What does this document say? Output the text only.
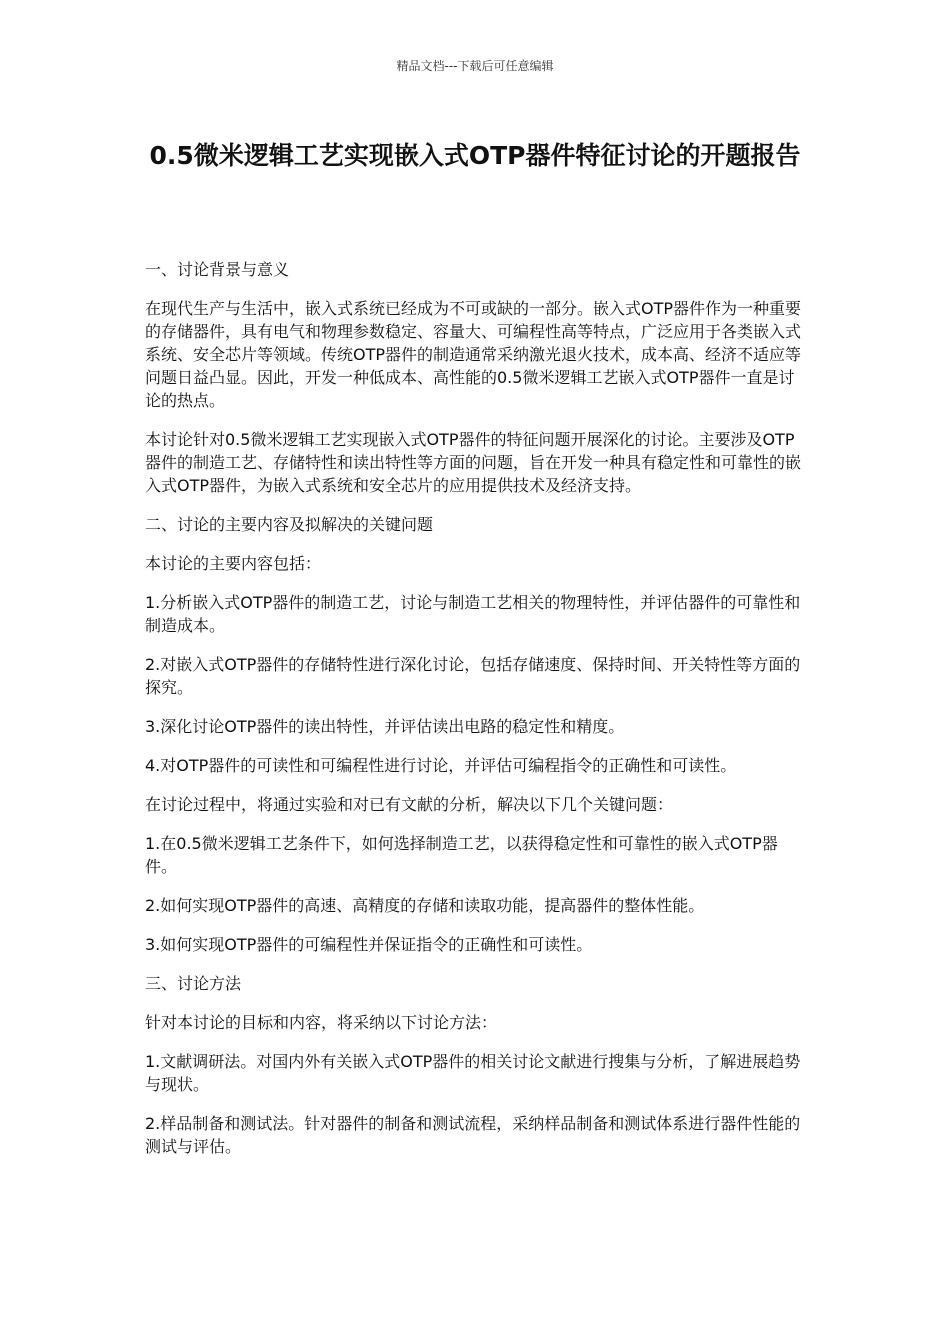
精品文档---下载后可任意编辑
0.5微米逻辑工艺实现嵌入式OTP器件特征讨论的开题报告

一、讨论背景与意义

在现代生产与生活中，嵌入式系统已经成为不可或缺的一部分。嵌入式OTP器件作为一种重要的存储器件，具有电气和物理参数稳定、容量大、可编程性高等特点，广泛应用于各类嵌入式系统、安全芯片等领域。传统OTP器件的制造通常采纳激光退火技术，成本高、经济不适应等问题日益凸显。因此，开发一种低成本、高性能的0.5微米逻辑工艺嵌入式OTP器件一直是讨论的热点。

本讨论针对0.5微米逻辑工艺实现嵌入式OTP器件的特征问题开展深化的讨论。主要涉及OTP器件的制造工艺、存储特性和读出特性等方面的问题，旨在开发一种具有稳定性和可靠性的嵌入式OTP器件，为嵌入式系统和安全芯片的应用提供技术及经济支持。

二、讨论的主要内容及拟解决的关键问题

本讨论的主要内容包括：

1.分析嵌入式OTP器件的制造工艺，讨论与制造工艺相关的物理特性，并评估器件的可靠性和制造成本。

2.对嵌入式OTP器件的存储特性进行深化讨论，包括存储速度、保持时间、开关特性等方面的探究。

3.深化讨论OTP器件的读出特性，并评估读出电路的稳定性和精度。

4.对OTP器件的可读性和可编程性进行讨论，并评估可编程指令的正确性和可读性。

在讨论过程中，将通过实验和对已有文献的分析，解决以下几个关键问题：

1.在0.5微米逻辑工艺条件下，如何选择制造工艺，以获得稳定性和可靠性的嵌入式OTP器件。

2.如何实现OTP器件的高速、高精度的存储和读取功能，提高器件的整体性能。

3.如何实现OTP器件的可编程性并保证指令的正确性和可读性。

三、讨论方法

针对本讨论的目标和内容，将采纳以下讨论方法：

1.文献调研法。对国内外有关嵌入式OTP器件的相关讨论文献进行搜集与分析，了解进展趋势与现状。

2.样品制备和测试法。针对器件的制备和测试流程，采纳样品制备和测试体系进行器件性能的测试与评估。
